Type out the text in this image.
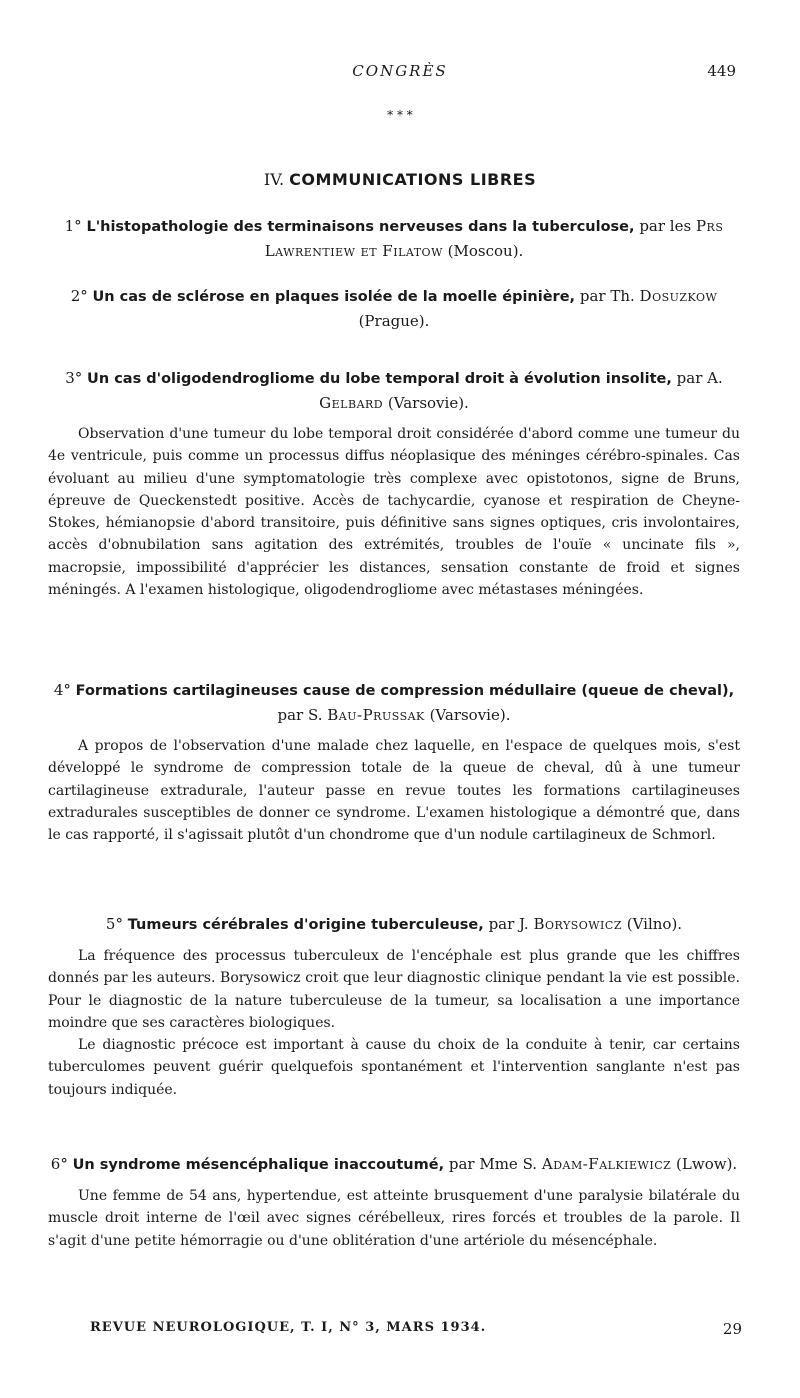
CONGRÈS	449
* * *
IV. COMMUNICATIONS LIBRES

1° L'histopathologie des terminaisons nerveuses dans la tuberculose, par les Prs Lawrentiew et Filatow (Moscou).

2° Un cas de sclérose en plaques isolée de la moelle épinière, par Th. Dosuzkow (Prague).

3° Un cas d'oligodendrogliome du lobe temporal droit à évolution insolite, par A. Gelbard (Varsovie).

Observation d'une tumeur du lobe temporal droit considérée d'abord comme une tumeur du 4e ventricule, puis comme un processus diffus néoplasique des méninges cérébro-spinales. Cas évoluant au milieu d'une symptomatologie très complexe avec opistotonos, signe de Bruns, épreuve de Queckenstedt positive. Accès de tachycardie, cyanose et respiration de Cheyne-Stokes, hémianopsie d'abord transitoire, puis définitive sans signes optiques, cris involontaires, accès d'obnubilation sans agitation des extrémités, troubles de l'ouïe « uncinate fils », macropsie, impossibilité d'apprécier les distances, sensation constante de froid et signes méningés. A l'examen histologique, oligodendrogliome avec métastases méningées.

4° Formations cartilagineuses cause de compression médullaire (queue de cheval), par S. Bau-Prussak (Varsovie).

A propos de l'observation d'une malade chez laquelle, en l'espace de quelques mois, s'est développé le syndrome de compression totale de la queue de cheval, dû à une tumeur cartilagineuse extradurale, l'auteur passe en revue toutes les formations cartilagineuses extradurales susceptibles de donner ce syndrome. L'examen histologique a démontré que, dans le cas rapporté, il s'agissait plutôt d'un chondrome que d'un nodule cartilagineux de Schmorl.

5° Tumeurs cérébrales d'origine tuberculeuse, par J. Borysowicz (Vilno).

La fréquence des processus tuberculeux de l'encéphale est plus grande que les chiffres donnés par les auteurs. Borysowicz croit que leur diagnostic clinique pendant la vie est possible. Pour le diagnostic de la nature tuberculeuse de la tumeur, sa localisation a une importance moindre que ses caractères biologiques.

Le diagnostic précoce est important à cause du choix de la conduite à tenir, car certains tuberculomes peuvent guérir quelquefois spontanément et l'intervention sanglante n'est pas toujours indiquée.

6° Un syndrome mésencéphalique inaccoutumé, par Mme S. Adam-Falkiewicz (Lwow).

Une femme de 54 ans, hypertendue, est atteinte brusquement d'une paralysie bilatérale du muscle droit interne de l'œil avec signes cérébelleux, rires forcés et troubles de la parole. Il s'agit d'une petite hémorragie ou d'une oblitération d'une artériole du mésencéphale.

REVUE NEUROLOGIQUE, T. I, N° 3, MARS 1934.	29
